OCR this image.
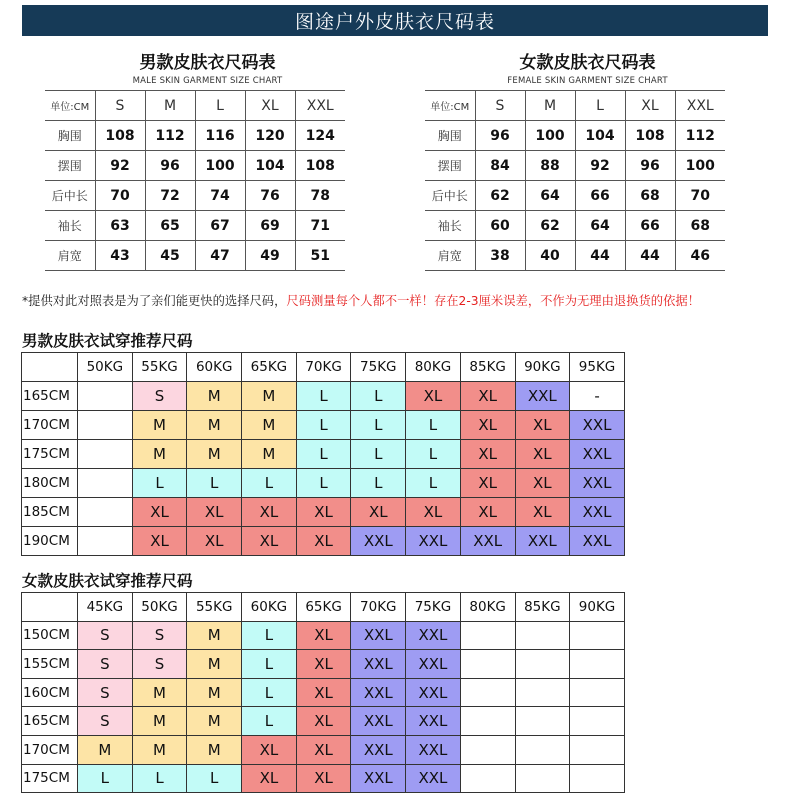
图途户外皮肤衣尺码表
男款皮肤衣尺码表
MALE SKIN GARMENT SIZE CHART
单位:CM	S	M	L	XL	XXL
胸围	108	112	116	120	124
摆围	92	96	100	104	108
后中长	70	72	74	76	78
袖长	63	65	67	69	71
肩宽	43	45	47	49	51
女款皮肤衣尺码表
FEMALE SKIN GARMENT SIZE CHART
单位:CM	S	M	L	XL	XXL
胸围	96	100	104	108	112
摆围	84	88	92	96	100
后中长	62	64	66	68	70
袖长	60	62	64	66	68
肩宽	38	40	44	44	46
*提供对此对照表是为了亲们能更快的选择尺码，尺码测量每个人都不一样！存在2-3厘米误差，不作为无理由退换货的依据！
男款皮肤衣试穿推荐尺码
	50KG	55KG	60KG	65KG	70KG	75KG	80KG	85KG	90KG	95KG
165CM		S	M	M	L	L	XL	XL	XXL	-
170CM		M	M	M	L	L	L	XL	XL	XXL
175CM		M	M	M	L	L	L	XL	XL	XXL
180CM		L	L	L	L	L	L	XL	XL	XXL
185CM		XL	XL	XL	XL	XL	XL	XL	XL	XXL
190CM		XL	XL	XL	XL	XXL	XXL	XXL	XXL	XXL
女款皮肤衣试穿推荐尺码
	45KG	50KG	55KG	60KG	65KG	70KG	75KG	80KG	85KG	90KG
150CM	S	S	M	L	XL	XXL	XXL			
155CM	S	S	M	L	XL	XXL	XXL			
160CM	S	M	M	L	XL	XXL	XXL			
165CM	S	M	M	L	XL	XXL	XXL			
170CM	M	M	M	XL	XL	XXL	XXL			
175CM	L	L	L	XL	XL	XXL	XXL			
